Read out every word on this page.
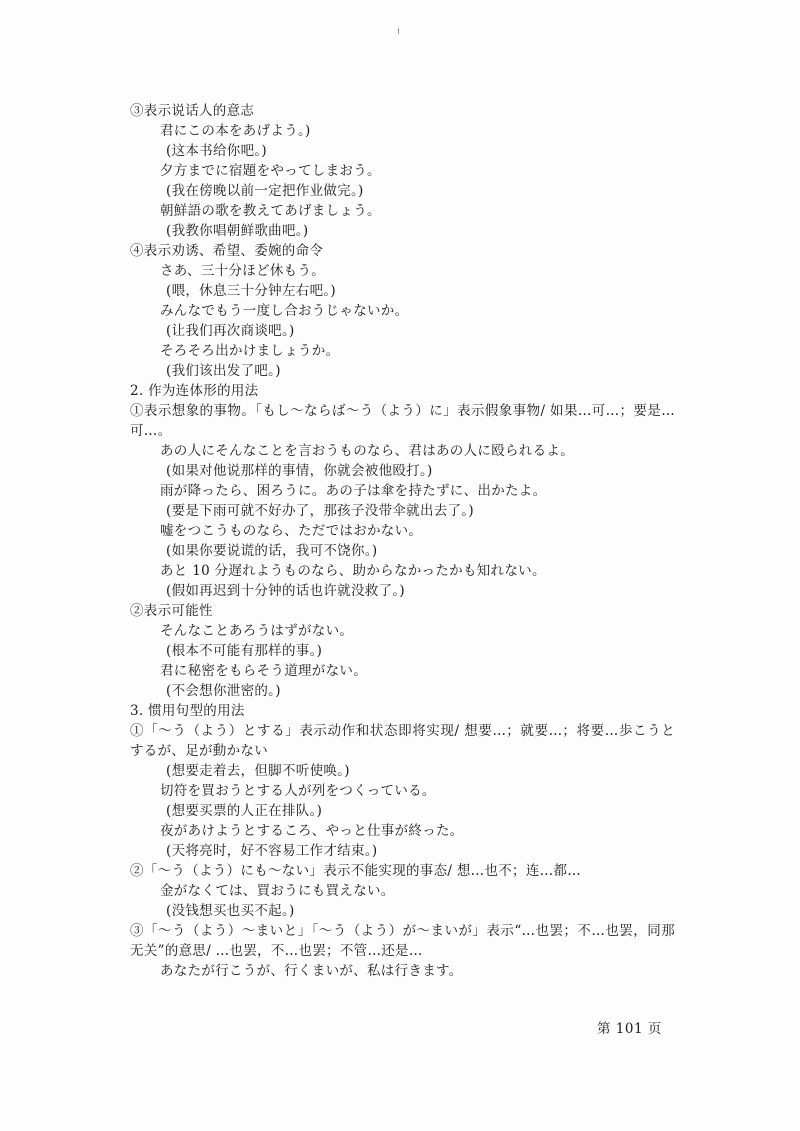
③表示说话人的意志
君にこの本をあげよう。)
(这本书给你吧。)
夕方までに宿題をやってしまおう。
(我在傍晚以前一定把作业做完。)
朝鮮語の歌を教えてあげましょう。
(我教你唱朝鲜歌曲吧。)
④表示劝诱、希望、委婉的命令
さあ、三十分ほど休もう。
(喂，休息三十分钟左右吧。)
みんなでもう一度し合おうじゃないか。
(让我们再次商谈吧。)
そろそろ出かけましょうか。
(我们该出发了吧。)
2. 作为连体形的用法
①表示想象的事物。「もし～ならば～う（よう）に」表示假象事物/ 如果…可…；要是…可…。
あの人にそんなことを言おうものなら、君はあの人に殴られるよ。
(如果对他说那样的事情，你就会被他殴打。)
雨が降ったら、困ろうに。あの子は傘を持たずに、出かたよ。
(要是下雨可就不好办了，那孩子没带伞就出去了。)
嘘をつこうものなら、ただではおかない。
(如果你要说谎的话，我可不饶你。)
あと 10 分遅れようものなら、助からなかったかも知れない。
(假如再迟到十分钟的话也许就没救了。)
②表示可能性
そんなことあろうはずがない。
(根本不可能有那样的事。)
君に秘密をもらそう道理がない。
(不会想你泄密的。)
3. 惯用句型的用法
①「～う（よう）とする」表示动作和状态即将实现/ 想要…；就要…；将要…歩こうとするが、足が動かない
(想要走着去，但脚不听使唤。)
切符を買おうとする人が列をつくっている。
(想要买票的人正在排队。)
夜があけようとするころ、やっと仕事が終った。
(天将亮时，好不容易工作才结束。)
②「～う（よう）にも～ない」表示不能实现的事态/ 想…也不；连…都…
金がなくては、買おうにも買えない。
(没钱想买也买不起。)
③「～う（よう）～まいと」「～う（よう）が～まいが」表示“…也罢；不…也罢，同那无关”的意思/ …也罢，不…也罢；不管…还是…
あなたが行こうが、行くまいが、私は行きます。
第 101 页
